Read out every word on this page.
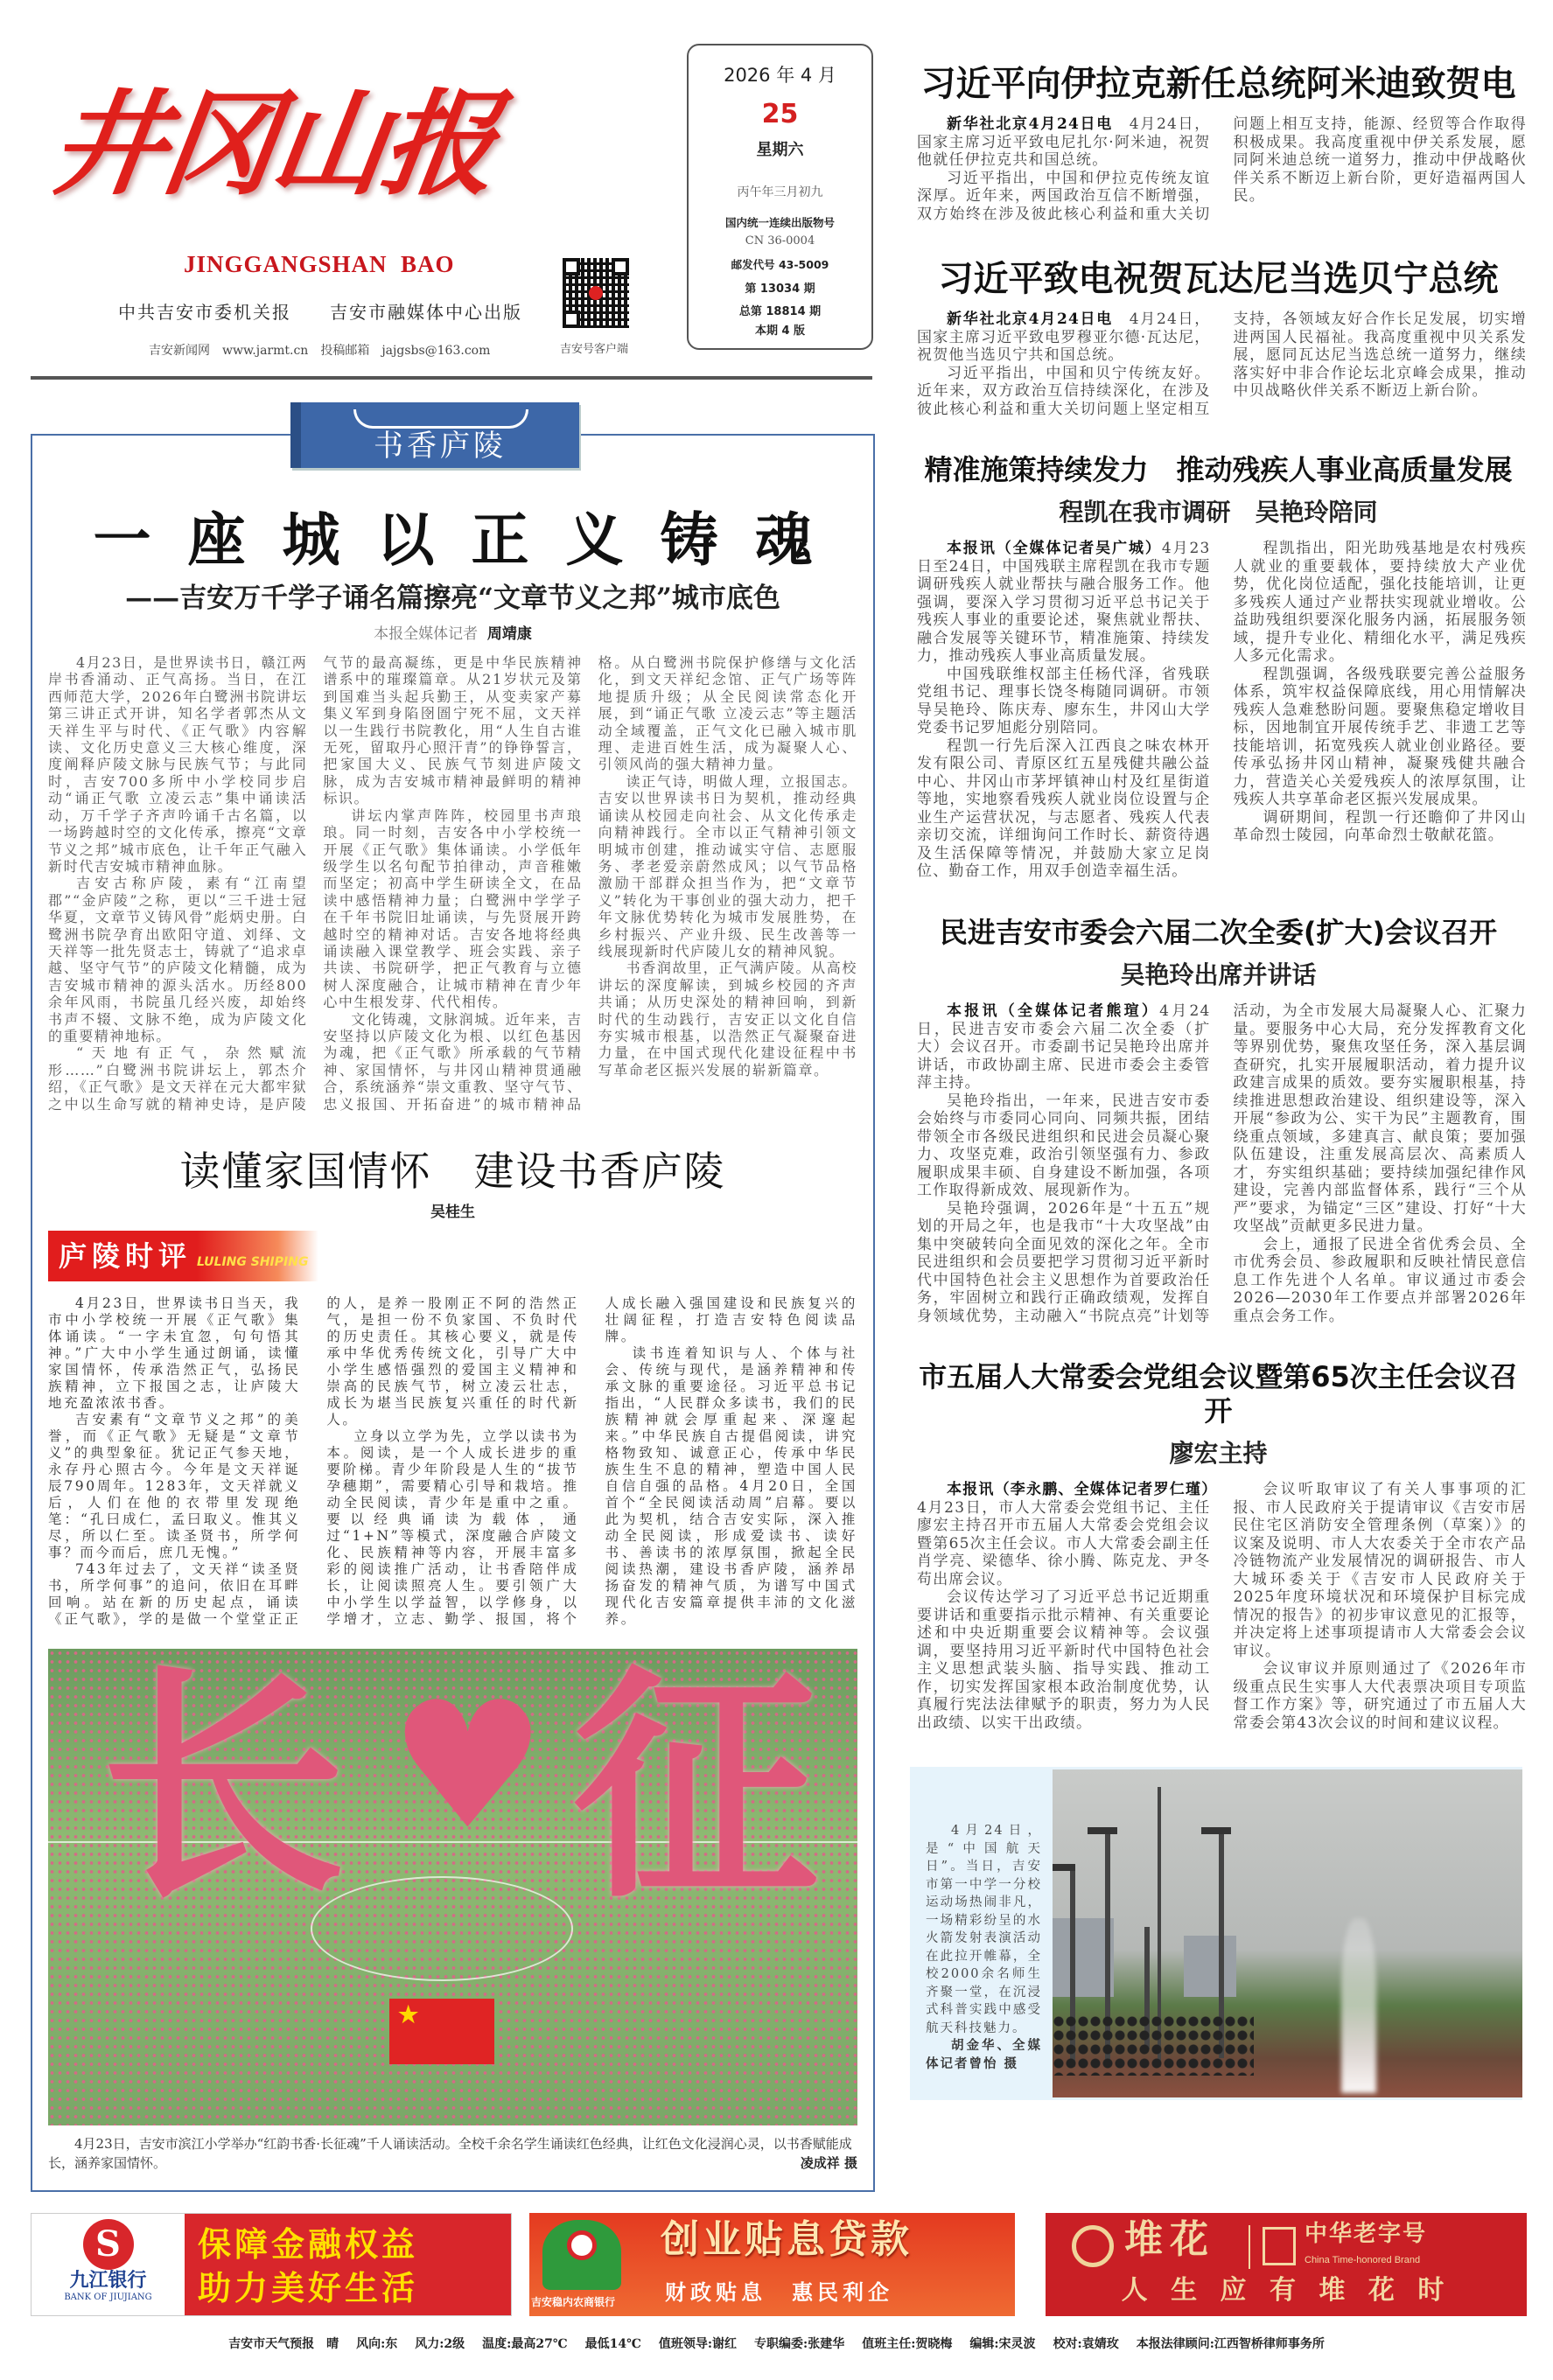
井冈山报
JINGGANGSHAN  BAO
中共吉安市委机关报　　吉安市融媒体中心出版
吉安新闻网 www.jarmt.cn 投稿邮箱 jajgsbs@163.com	吉安号客户端
2026 年 4 月
25
星期六
丙午年三月初九
国内统一连续出版物号
CN 36-0004
邮发代号 43-5009
第 13034 期
总第 18814 期
本期 4 版
书香庐陵
一座城以正义铸魂
——吉安万千学子诵名篇擦亮“文章节义之邦”城市底色
本报全媒体记者 周靖康

4月23日，是世界读书日，赣江两岸书香涌动、正气高扬。当日，在江西师范大学，2026年白鹭洲书院讲坛第三讲正式开讲，知名学者郭杰从文天祥生平与时代、《正气歌》内容解读、文化历史意义三大核心维度，深度阐释庐陵文脉与民族气节；与此同时，吉安700多所中小学校同步启动“诵正气歌 立凌云志”集中诵读活动，万千学子齐声吟诵千古名篇，以一场跨越时空的文化传承，擦亮“文章节义之邦”城市底色，让千年正气融入新时代吉安城市精神血脉。

吉安古称庐陵，素有“江南望郡”“金庐陵”之称，更以“三千进士冠华夏，文章节义铸风骨”彪炳史册。白鹭洲书院孕育出欧阳守道、刘绎、文天祥等一批先贤志士，铸就了“追求卓越、坚守气节”的庐陵文化精髓，成为吉安城市精神的源头活水。历经800余年风雨，书院虽几经兴废，却始终书声不辍、文脉不绝，成为庐陵文化的重要精神地标。

“天地有正气，杂然赋流形……”白鹭洲书院讲坛上，郭杰介绍，《正气歌》是文天祥在元大都牢狱之中以生命写就的精神史诗，是庐陵气节的最高凝练，更是中华民族精神谱系中的璀璨篇章。从21岁状元及第到国难当头起兵勤王，从变卖家产募集义军到身陷囹圄宁死不屈，文天祥以一生践行书院教化，用“人生自古谁无死，留取丹心照汗青”的铮铮誓言，把家国大义、民族气节刻进庐陵文脉，成为吉安城市精神最鲜明的精神标识。

讲坛内掌声阵阵，校园里书声琅琅。同一时刻，吉安各中小学校统一开展《正气歌》集体诵读。小学低年级学生以名句配节拍律动，声音稚嫩而坚定；初高中学生研读全文，在品读中感悟精神力量；白鹭洲中学学子在千年书院旧址诵读，与先贤展开跨越时空的精神对话。吉安各地将经典诵读融入课堂教学、班会实践、亲子共读、书院研学，把正气教育与立德树人深度融合，让城市精神在青少年心中生根发芽、代代相传。

文化铸魂，文脉润城。近年来，吉安坚持以庐陵文化为根、以红色基因为魂，把《正气歌》所承载的气节精神、家国情怀，与井冈山精神贯通融合，系统涵养“崇文重教、坚守气节、忠义报国、开拓奋进”的城市精神品格。从白鹭洲书院保护修缮与文化活化，到文天祥纪念馆、正气广场等阵地提质升级；从全民阅读常态化开展，到“诵正气歌 立凌云志”等主题活动全域覆盖，正气文化已融入城市肌理、走进百姓生活，成为凝聚人心、引领风尚的强大精神力量。

读正气诗，明做人理，立报国志。吉安以世界读书日为契机，推动经典诵读从校园走向社会、从文化传承走向精神践行。全市以正气精神引领文明城市创建，推动诚实守信、志愿服务、孝老爱亲蔚然成风；以气节品格激励干部群众担当作为，把“文章节义”转化为干事创业的强大动力，把千年文脉优势转化为城市发展胜势，在乡村振兴、产业升级、民生改善等一线展现新时代庐陵儿女的精神风貌。

书香润故里，正气满庐陵。从高校讲坛的深度解读，到城乡校园的齐声共诵；从历史深处的精神回响，到新时代的生动践行，吉安正以文化自信夯实城市根基，以浩然正气凝聚奋进力量，在中国式现代化建设征程中书写革命老区振兴发展的崭新篇章。

读懂家国情怀　建设书香庐陵
吴桂生
庐陵时评 LULING SHIPING

4月23日，世界读书日当天，我市中小学校统一开展《正气歌》集体诵读。“一字未宜忽，句句悟其神。”广大中小学生通过朗诵，读懂家国情怀，传承浩然正气，弘扬民族精神，立下报国之志，让庐陵大地充盈浓浓书香。

吉安素有“文章节义之邦”的美誉，而《正气歌》无疑是“文章节义”的典型象征。犹记正气参天地，永存丹心照古今。今年是文天祥诞辰790周年。1283年，文天祥就义后，人们在他的衣带里发现绝笔：“孔曰成仁，孟曰取义。惟其义尽，所以仁至。读圣贤书，所学何事？而今而后，庶几无愧。”

743年过去了，文天祥“读圣贤书，所学何事”的追问，依旧在耳畔回响。站在新的历史起点，诵读《正气歌》，学的是做一个堂堂正正的人，是养一股刚正不阿的浩然正气，是担一份不负家国、不负时代的历史责任。其核心要义，就是传承中华优秀传统文化，引导广大中小学生感悟强烈的爱国主义精神和崇高的民族气节，树立凌云壮志，成长为堪当民族复兴重任的时代新人。

立身以立学为先，立学以读书为本。阅读，是一个人成长进步的重要阶梯。青少年阶段是人生的“拔节孕穗期”，需要精心引导和栽培。推动全民阅读，青少年是重中之重。要以经典诵读为载体，通过“1+N”等模式，深度融合庐陵文化、民族精神等内容，开展丰富多彩的阅读推广活动，让书香陪伴成长，让阅读照亮人生。要引领广大中小学生以学益智，以学修身，以学增才，立志、勤学、报国，将个人成长融入强国建设和民族复兴的壮阔征程，打造吉安特色阅读品牌。

读书连着知识与人、个体与社会、传统与现代，是涵养精神和传承文脉的重要途径。习近平总书记指出，“人民群众多读书，我们的民族精神就会厚重起来、深邃起来。”中华民族自古提倡阅读，讲究格物致知、诚意正心，传承中华民族生生不息的精神，塑造中国人民自信自强的品格。4月20日，全国首个“全民阅读活动周”启幕。要以此为契机，结合吉安实际，深入推动全民阅读，形成爱读书、读好书、善读书的浓厚氛围，掀起全民阅读热潮，建设书香庐陵，涵养昂扬奋发的精神气质，为谱写中国式现代化吉安篇章提供丰沛的文化滋养。

长 ♥ 征
★
4月23日，吉安市滨江小学举办“红韵书香·长征魂”千人诵读活动。全校千余名学生诵读红色经典，让红色文化浸润心灵，以书香赋能成长，涵养家国情怀。	凌成祥 摄
习近平向伊拉克新任总统阿米迪致贺电

新华社北京4月24日电　4月24日，国家主席习近平致电尼扎尔·阿米迪，祝贺他就任伊拉克共和国总统。

习近平指出，中国和伊拉克传统友谊深厚。近年来，两国政治互信不断增强，双方始终在涉及彼此核心利益和重大关切问题上相互支持，能源、经贸等合作取得积极成果。我高度重视中伊关系发展，愿同阿米迪总统一道努力，推动中伊战略伙伴关系不断迈上新台阶，更好造福两国人民。

习近平致电祝贺瓦达尼当选贝宁总统

新华社北京4月24日电　4月24日，国家主席习近平致电罗穆亚尔德·瓦达尼，祝贺他当选贝宁共和国总统。

习近平指出，中国和贝宁传统友好。近年来，双方政治互信持续深化，在涉及彼此核心利益和重大关切问题上坚定相互支持，各领域友好合作长足发展，切实增进两国人民福祉。我高度重视中贝关系发展，愿同瓦达尼当选总统一道努力，继续落实好中非合作论坛北京峰会成果，推动中贝战略伙伴关系不断迈上新台阶。

精准施策持续发力　推动残疾人事业高质量发展
程凯在我市调研　吴艳玲陪同

本报讯（全媒体记者吴广城）4月23日至24日，中国残联主席程凯在我市专题调研残疾人就业帮扶与融合服务工作。他强调，要深入学习贯彻习近平总书记关于残疾人事业的重要论述，聚焦就业帮扶、融合发展等关键环节，精准施策、持续发力，推动残疾人事业高质量发展。

中国残联维权部主任杨代泽，省残联党组书记、理事长饶冬梅随同调研。市领导吴艳玲、陈庆寿、廖东生，井冈山大学党委书记罗旭彪分别陪同。

程凯一行先后深入江西良之味农林开发有限公司、青原区红五星残健共融公益中心、井冈山市茅坪镇神山村及红星街道等地，实地察看残疾人就业岗位设置与企业生产运营状况，与志愿者、残疾人代表亲切交流，详细询问工作时长、薪资待遇及生活保障等情况，并鼓励大家立足岗位、勤奋工作，用双手创造幸福生活。

程凯指出，阳光助残基地是农村残疾人就业的重要载体，要持续放大产业优势，优化岗位适配，强化技能培训，让更多残疾人通过产业帮扶实现就业增收。公益助残组织要深化服务内涵，拓展服务领域，提升专业化、精细化水平，满足残疾人多元化需求。

程凯强调，各级残联要完善公益服务体系，筑牢权益保障底线，用心用情解决残疾人急难愁盼问题。要聚焦稳定增收目标，因地制宜开展传统手艺、非遗工艺等技能培训，拓宽残疾人就业创业路径。要传承弘扬井冈山精神，凝聚残健共融合力，营造关心关爱残疾人的浓厚氛围，让残疾人共享革命老区振兴发展成果。

调研期间，程凯一行还瞻仰了井冈山革命烈士陵园，向革命烈士敬献花篮。

民进吉安市委会六届二次全委(扩大)会议召开
吴艳玲出席并讲话

本报讯（全媒体记者熊瑄）4月24日，民进吉安市委会六届二次全委（扩大）会议召开。市委副书记吴艳玲出席并讲话，市政协副主席、民进市委会主委管萍主持。

吴艳玲指出，一年来，民进吉安市委会始终与市委同心同向、同频共振，团结带领全市各级民进组织和民进会员凝心聚力、攻坚克难，政治引领坚强有力、参政履职成果丰硕、自身建设不断加强，各项工作取得新成效、展现新作为。

吴艳玲强调，2026年是“十五五”规划的开局之年，也是我市“十大攻坚战”由集中突破转向全面见效的深化之年。全市民进组织和会员要把学习贯彻习近平新时代中国特色社会主义思想作为首要政治任务，牢固树立和践行正确政绩观，发挥自身领域优势，主动融入“书院点亮”计划等活动，为全市发展大局凝聚人心、汇聚力量。要服务中心大局，充分发挥教育文化等界别优势，聚焦攻坚任务，深入基层调查研究，扎实开展履职活动，着力提升议政建言成果的质效。要夯实履职根基，持续推进思想政治建设、组织建设等，深入开展“参政为公、实干为民”主题教育，围绕重点领域，多建真言、献良策；要加强队伍建设，注重发展高层次、高素质人才，夯实组织基础；要持续加强纪律作风建设，完善内部监督体系，践行“三个从严”要求，为锚定“三区”建设、打好“十大攻坚战”贡献更多民进力量。

会上，通报了民进全省优秀会员、全市优秀会员、参政履职和反映社情民意信息工作先进个人名单。审议通过市委会2026—2030年工作要点并部署2026年重点会务工作。

市五届人大常委会党组会议暨第65次主任会议召开
廖宏主持

本报讯（李永鹏、全媒体记者罗仁瑾）4月23日，市人大常委会党组书记、主任廖宏主持召开市五届人大常委会党组会议暨第65次主任会议。市人大常委会副主任肖学亮、梁德华、徐小腾、陈克龙、尹冬苟出席会议。

会议传达学习了习近平总书记近期重要讲话和重要指示批示精神、有关重要论述和中央近期重要会议精神等。会议强调，要坚持用习近平新时代中国特色社会主义思想武装头脑、指导实践、推动工作，切实发挥国家根本政治制度优势，认真履行宪法法律赋予的职责，努力为人民出政绩、以实干出政绩。

会议听取审议了有关人事事项的汇报、市人民政府关于提请审议《吉安市居民住宅区消防安全管理条例（草案）》的议案及说明、市人大农委关于全市农产品冷链物流产业发展情况的调研报告、市人大城环委关于《吉安市人民政府关于2025年度环境状况和环境保护目标完成情况的报告》的初步审议意见的汇报等，并决定将上述事项提请市人大常委会会议审议。

会议审议并原则通过了《2026年市级重点民生实事人大代表票决项目专项监督工作方案》等，研究通过了市五届人大常委会第43次会议的时间和建议议程。

4月24日，是“中国航天日”。当日，吉安市第一中学一分校运动场热闹非凡，一场精彩纷呈的水火箭发射表演活动在此拉开帷幕，全校2000余名师生齐聚一堂，在沉浸式科普实践中感受航天科技魅力。

胡金华、全媒体记者曾怡 摄

S
九江银行
BANK OF JIUJIANG
保障金融权益
助力美好生活	吉安稳内农商银行
创业贴息贷款
财政贴息　惠民利企
堆花	中华老字号
China Time-honored Brand
人 生 应 有 堆 花 时
吉安市天气预报　晴 风向:东 风力:2级 温度:最高27℃ 最低14℃ 值班领导:谢红 专职编委:张建华 值班主任:贺晓梅 编辑:宋灵波 校对:袁婧玫 本报法律顾问:江西智桥律师事务所
